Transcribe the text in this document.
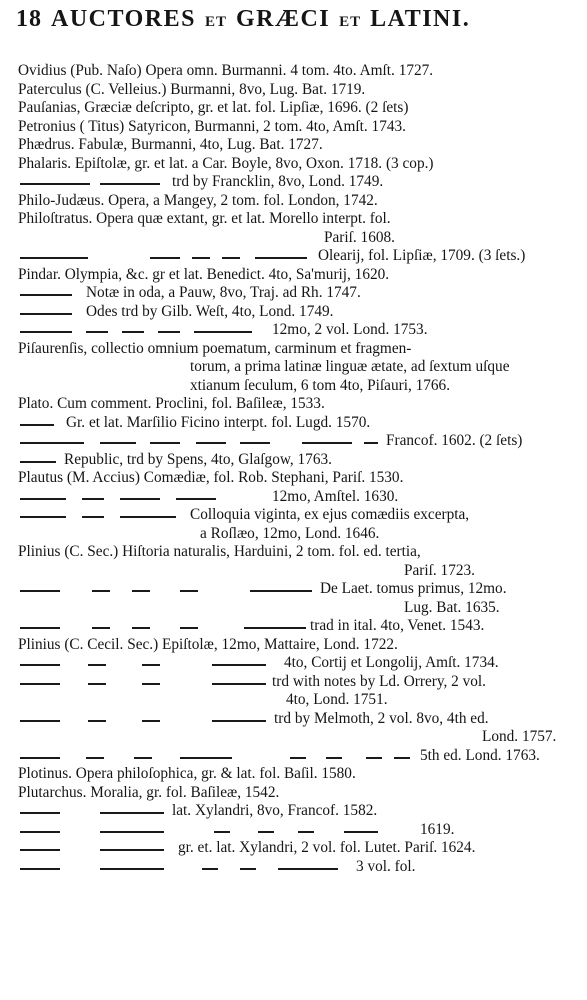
18 AUCTORES ET GRÆCI ET LATINI.
Ovidius (Pub. Naſo) Opera omn. Burmanni. 4 tom. 4to. Amſt. 1727.
Paterculus (C. Velleius.) Burmanni, 8vo, Lug. Bat. 1719.
Pauſanias, Græciæ deſcripto, gr. et lat. fol. Lipſiæ, 1696. (2 ſets)
Petronius ( Titus) Satyricon, Burmanni, 2 tom. 4to, Amſt. 1743.
Phædrus. Fabulæ, Burmanni, 4to, Lug. Bat. 1727.
Phalaris. Epiſtolæ, gr. et lat. a Car. Boyle, 8vo, Oxon. 1718. (3 cop.)
trd by Francklin, 8vo, Lond. 1749.
Philo-Judæus. Opera, a Mangey, 2 tom. fol. London, 1742.
Philoſtratus. Opera quæ extant, gr. et lat. Morello interpt. fol.
Pariſ. 1608.
Olearij, fol. Lipſiæ, 1709. (3 ſets.)
Pindar. Olympia, &c. gr et lat. Benedict. 4to, Sa'murij, 1620.
Notæ in oda, a Pauw, 8vo, Traj. ad Rh. 1747.
Odes trd by Gilb. Weſt, 4to, Lond. 1749.
12mo, 2 vol. Lond. 1753.
Piſaurenſis, collectio omnium poematum, carminum et fragmen-
torum, a prima latinæ linguæ ætate, ad ſextum uſque
xtianum ſeculum, 6 tom 4to, Piſauri, 1766.
Plato. Cum comment. Proclini, fol. Baſileæ, 1533.
Gr. et lat. Marſilio Ficino interpt. fol. Lugd. 1570.
Francof. 1602. (2 ſets)
Republic, trd by Spens, 4to, Glaſgow, 1763.
Plautus (M. Accius) Comædiæ, fol. Rob. Stephani, Pariſ. 1530.
12mo, Amſtel. 1630.
Colloquia viginta, ex ejus comædiis excerpta,
a Roſlæo, 12mo, Lond. 1646.
Plinius (C. Sec.) Hiſtoria naturalis, Harduini, 2 tom. fol. ed. tertia,
Pariſ. 1723.
De Laet. tomus primus, 12mo.
Lug. Bat. 1635.
trad in ital. 4to, Venet. 1543.
Plinius (C. Cecil. Sec.) Epiſtolæ, 12mo, Mattaire, Lond. 1722.
4to, Cortij et Longolij, Amſt. 1734.
trd with notes by Ld. Orrery, 2 vol.
4to, Lond. 1751.
trd by Melmoth, 2 vol. 8vo, 4th ed.
Lond. 1757.
5th ed. Lond. 1763.
Plotinus. Opera philoſophica, gr. & lat. fol. Baſil. 1580.
Plutarchus. Moralia, gr. fol. Baſileæ, 1542.
lat. Xylandri, 8vo, Francof. 1582.
1619.
gr. et. lat. Xylandri, 2 vol. fol. Lutet. Pariſ. 1624.
3 vol. fol.
